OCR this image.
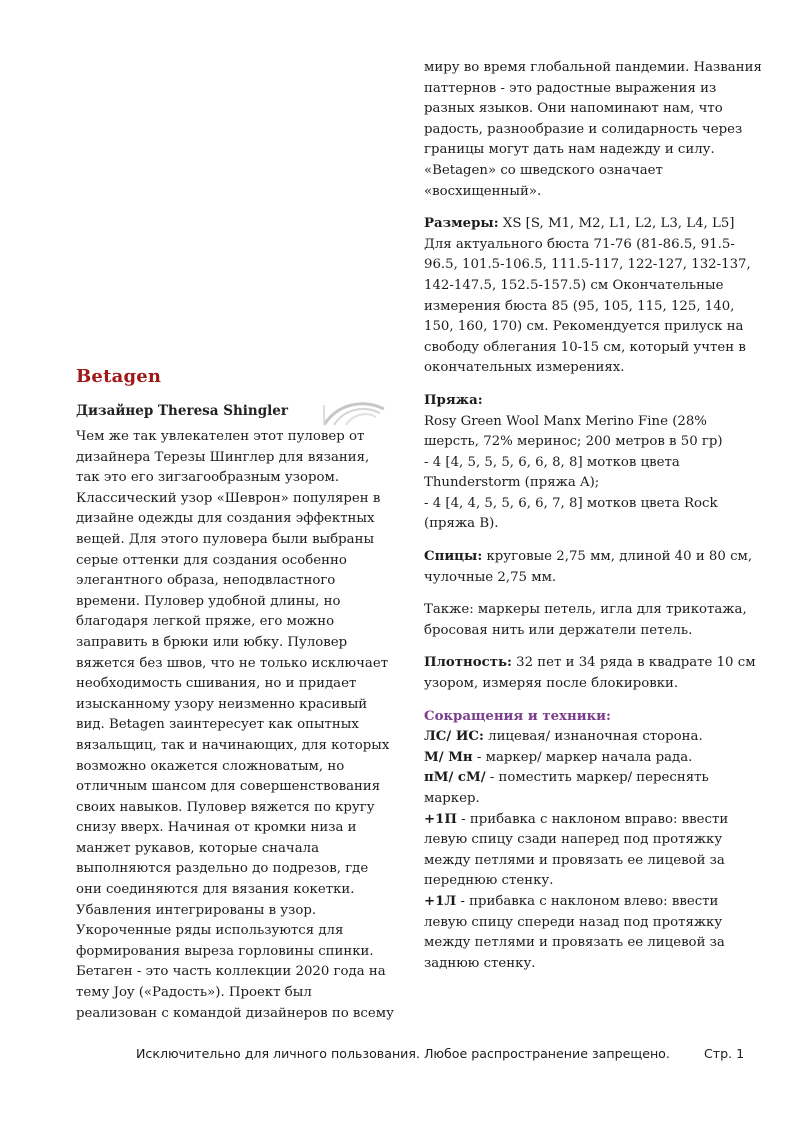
Betagen
Дизайнер Theresa Shingler
Чем же так увлекателен этот пуловер от дизайнера Терезы Шинглер для вязания, так это его зигзагообразным узором. Классический узор «Шеврон» популярен в дизайне одежды для создания эффектных вещей. Для этого пуловера были выбраны серые оттенки для создания особенно элегантного образа, неподвластного времени. Пуловер удобной длины, но благодаря легкой пряже, его можно заправить в брюки или юбку. Пуловер вяжется без швов, что не только исключает необходимость сшивания, но и придает изысканному узору неизменно красивый вид. Betagen заинтересует как опытных вязальщиц, так и начинающих, для которых возможно окажется сложноватым, но отличным шансом для совершенствования своих навыков. Пуловер вяжется по кругу снизу вверх. Начиная от кромки низа и манжет рукавов, которые сначала выполняются раздельно до подрезов, где они соединяются для вязания кокетки. Убавления интегрированы в узор. Укороченные ряды используются для формирования выреза горловины спинки. Бетаген - это часть коллекции 2020 года на тему Joy («Радость»). Проект был реализован с командой дизайнеров по всему
миру во время глобальной пандемии. Названия паттернов - это радостные выражения из разных языков. Они напоминают нам, что радость, разнообразие и солидарность через границы могут дать нам надежду и силу. «Betagen» со шведского означает «восхищенный».
Размеры: XS [S, M1, M2, L1, L2, L3, L4, L5] Для актуального бюста 71-76 (81-86.5, 91.5-96.5, 101.5-106.5, 111.5-117, 122-127, 132-137, 142-147.5, 152.5-157.5) см Окончательные измерения бюста 85 (95, 105, 115, 125, 140, 150, 160, 170) см. Рекомендуется прилуск на свободу облегания 10-15 см, который учтен в окончательных измерениях.
Пряжа:
Rosy Green Wool Manx Merino Fine (28% шерсть, 72% меринос; 200 метров в 50 гр)
- 4 [4, 5, 5, 5, 6, 6, 8, 8] мотков цвета Thunderstorm (пряжа A);
- 4 [4, 4, 5, 5, 6, 6, 7, 8] мотков цвета Rock (пряжа B).
Спицы: круговые 2,75 мм, длиной 40 и 80 см,
чулочные 2,75 мм.
Также: маркеры петель, игла для трикотажа, бросовая нить или держатели петель.
Плотность: 32 пет и 34 ряда в квадрате 10 см узором, измеряя после блокировки.
Сокращения и техники:
ЛС/ ИС: лицевая/ изнаночная сторона.
М/ Мн - маркер/ маркер начала рада.
пМ/ сМ/ - поместить маркер/ переснять маркер.
+1П - прибавка с наклоном вправо: ввести левую спицу сзади наперед под протяжку между петлями и провязать ее лицевой за переднюю стенку.
+1Л - прибавка с наклоном влево: ввести левую спицу спереди назад под протяжку между петлями и провязать ее лицевой за заднюю стенку.
Исключительно для личного пользования. Любое распространение запрещено.	Стр. 1
